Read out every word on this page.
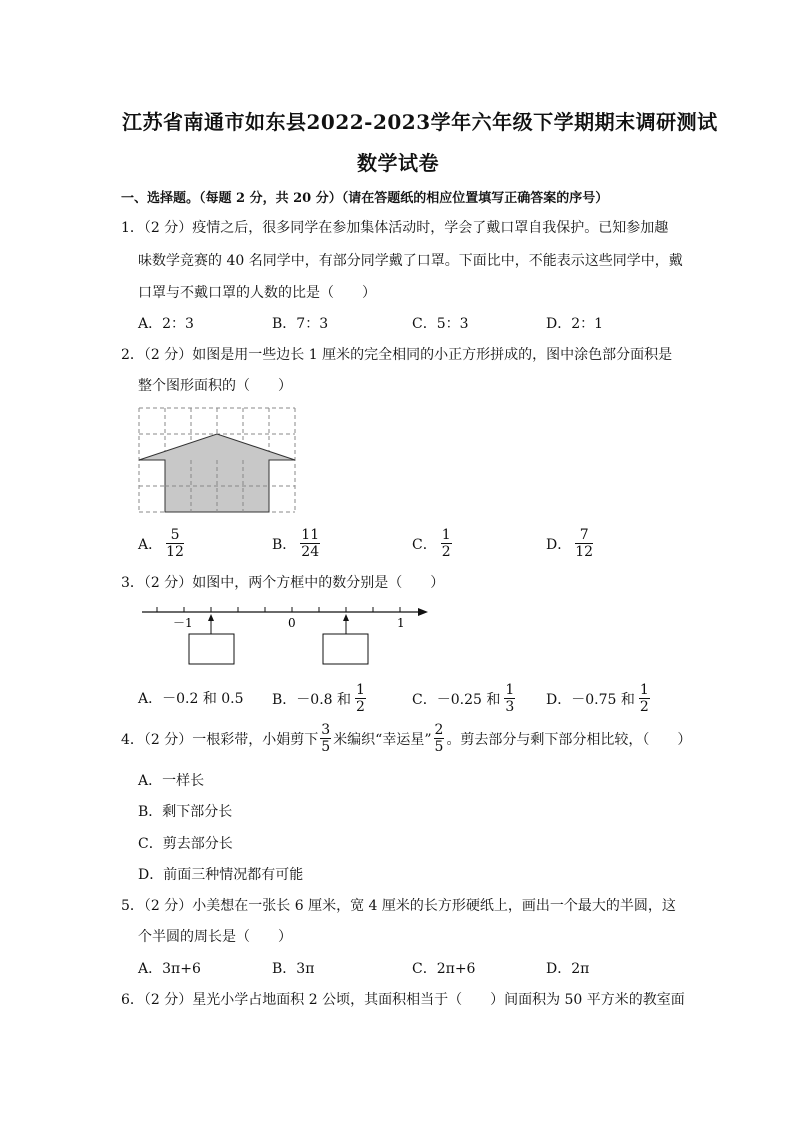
江苏省南通市如东县2022-2023学年六年级下学期期末调研测试
数学试卷
一、选择题。（每题 2 分，共 20 分）（请在答题纸的相应位置填写正确答案的序号）
1．（2 分）疫情之后，很多同学在参加集体活动时，学会了戴口罩自我保护。已知参加趣
味数学竞赛的 40 名同学中，有部分同学戴了口罩。下面比中，不能表示这些同学中，戴
口罩与不戴口罩的人数的比是（　　）
A．2：3	B．7：3	C．5：3	D．2：1
2．（2 分）如图是用一些边长 1 厘米的完全相同的小正方形拼成的，图中涂色部分面积是
整个图形面积的（　　）
A． $\frac{5}{12}$	B． $\frac{11}{24}$	C． $\frac{1}{2}$	D． $\frac{7}{12}$
3．（2 分）如图中，两个方框中的数分别是（　　）
－1	0	1
A．－0.2 和 0.5 B．－0.8 和 $\frac{1}{2}$	C．－0.25 和 $\frac{1}{3}$ D．－0.75 和 $\frac{1}{2}$
4．（2 分）一根彩带，小娟剪下 $\frac{3}{5}$ 米编织“幸运星” $\frac{2}{5}$ 。剪去部分与剩下部分相比较，（　　）
A．一样长
B．剩下部分长
C．剪去部分长
D．前面三种情况都有可能
5．（2 分）小美想在一张长 6 厘米，宽 4 厘米的长方形硬纸上，画出一个最大的半圆，这
个半圆的周长是（　　）
A．3π+6	B．3π	C．2π+6	D．2π
6．（2 分）星光小学占地面积 2 公顷，其面积相当于（　　）间面积为 50 平方米的教室面
